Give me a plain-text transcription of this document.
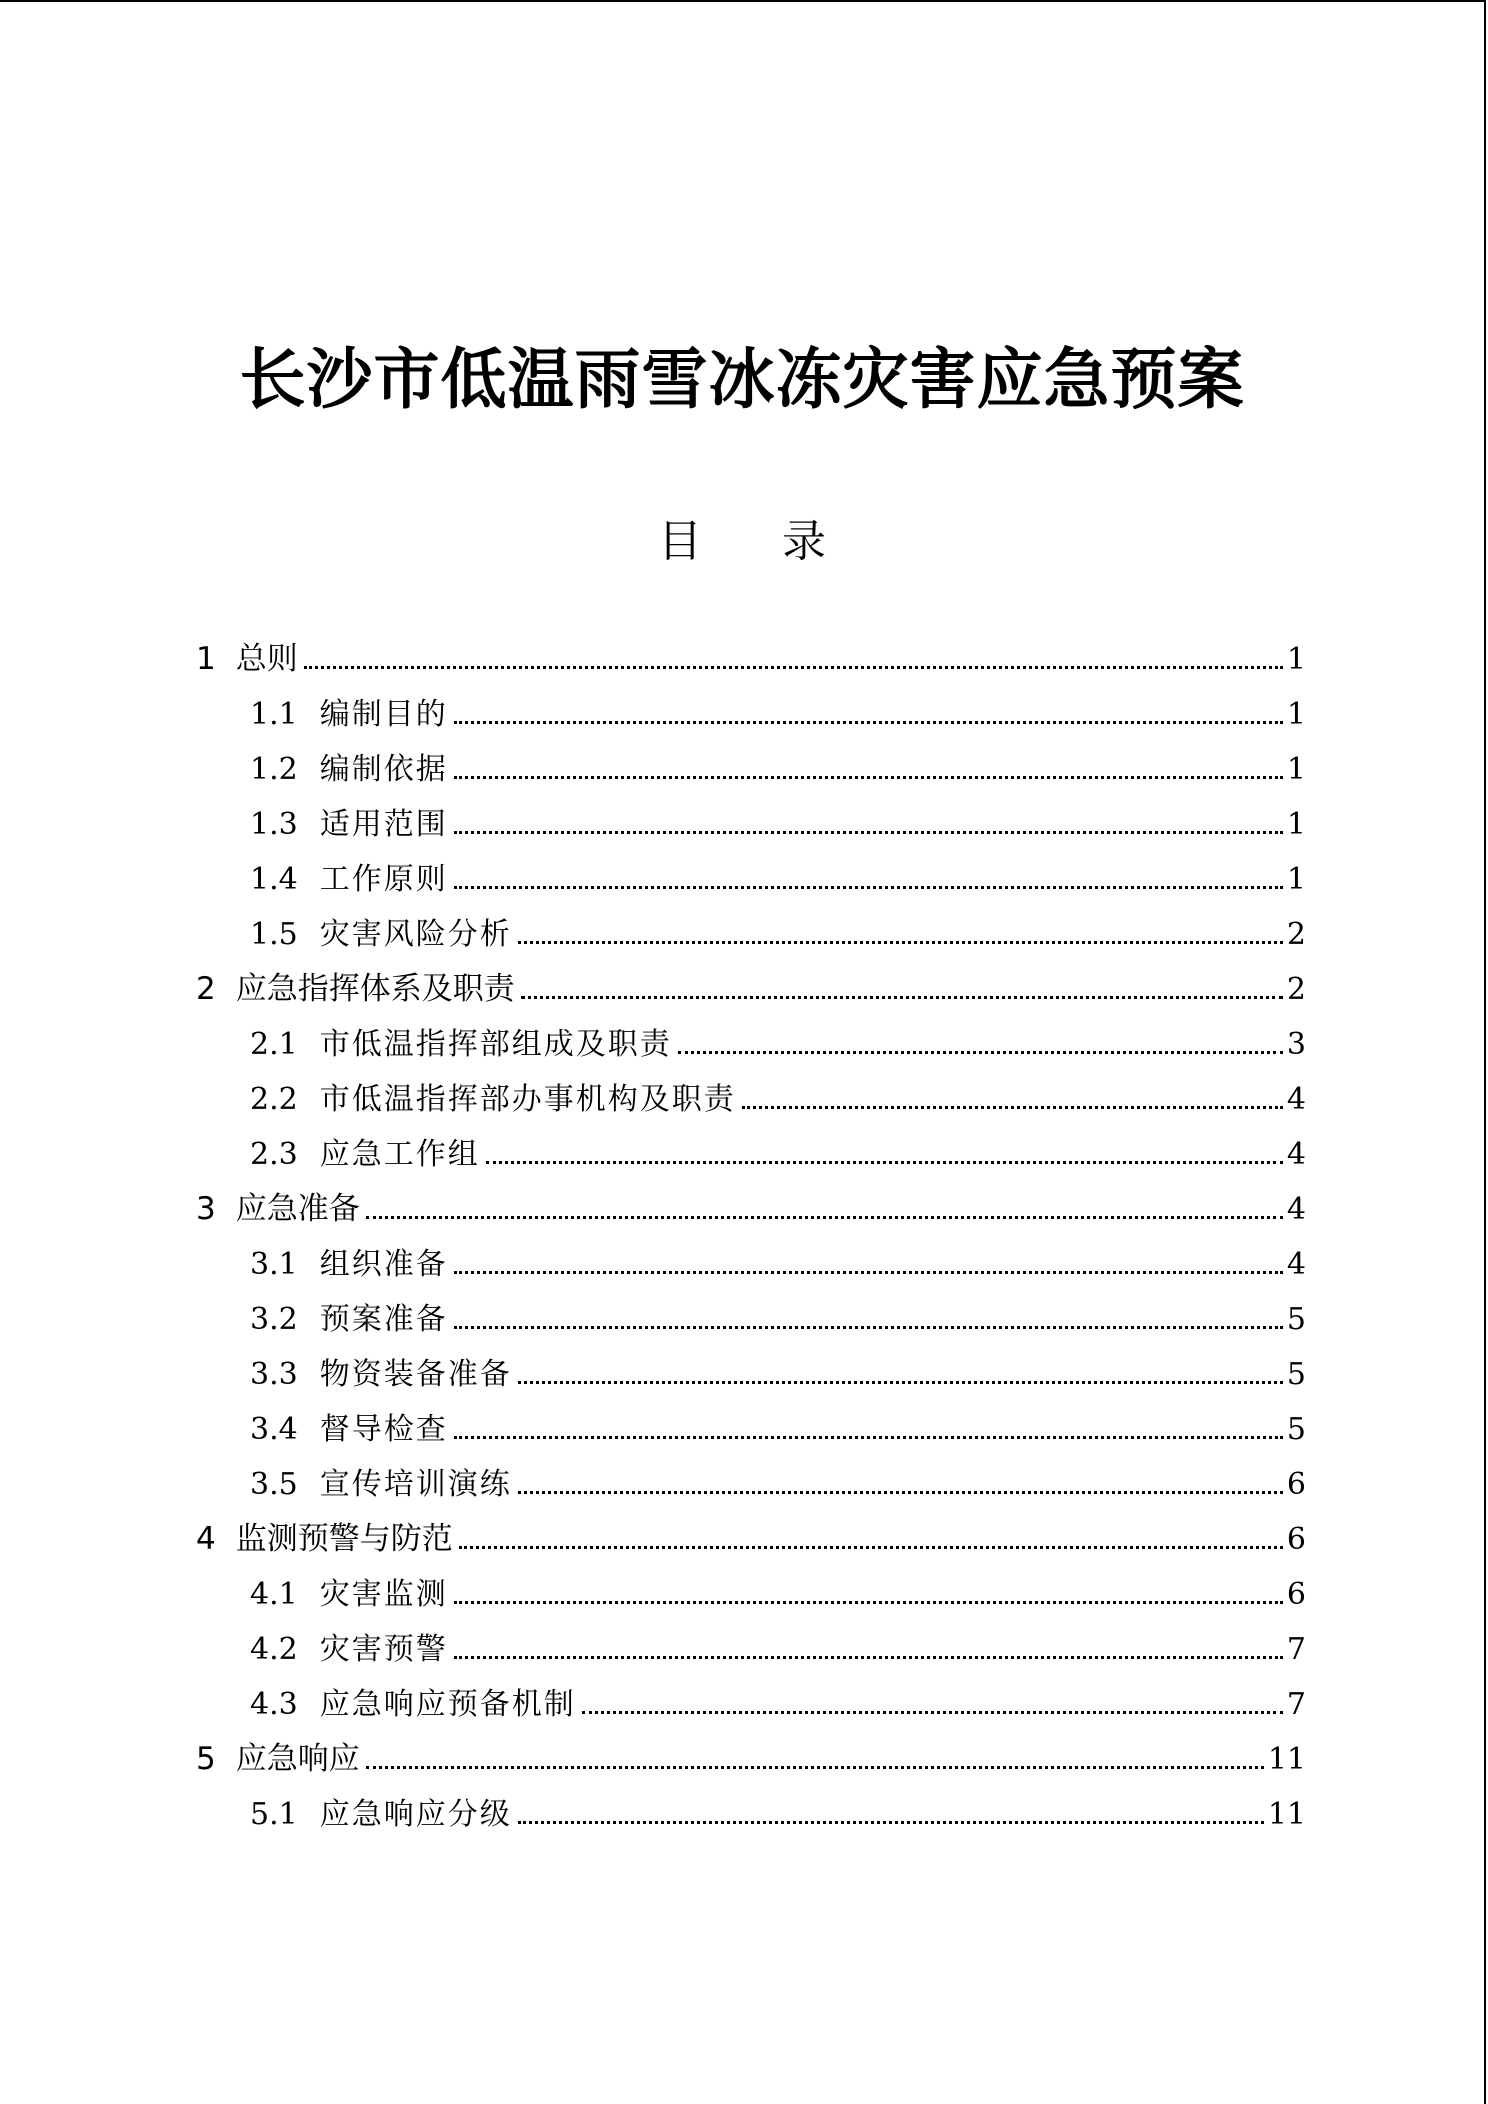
长沙市低温雨雪冰冻灾害应急预案
目 录
1 总则	1
1.1 编制目的	1
1.2 编制依据	1
1.3 适用范围	1
1.4 工作原则	1
1.5 灾害风险分析	2
2 应急指挥体系及职责	2
2.1 市低温指挥部组成及职责	3
2.2 市低温指挥部办事机构及职责	4
2.3 应急工作组	4
3 应急准备	4
3.1 组织准备	4
3.2 预案准备	5
3.3 物资装备准备	5
3.4 督导检查	5
3.5 宣传培训演练	6
4 监测预警与防范	6
4.1 灾害监测	6
4.2 灾害预警	7
4.3 应急响应预备机制	7
5 应急响应	11
5.1 应急响应分级	11
